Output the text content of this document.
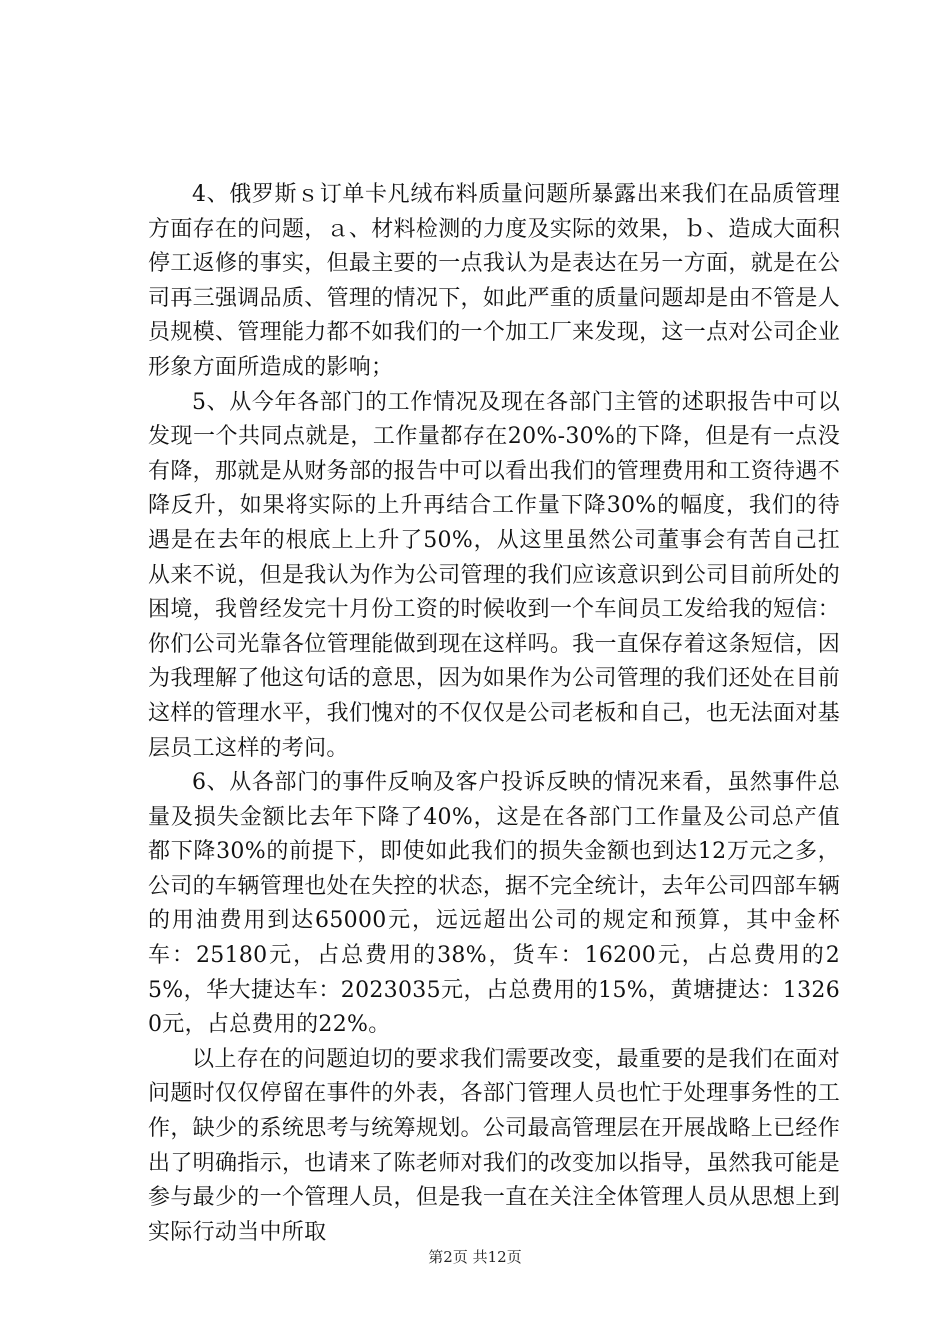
4、俄罗斯ｓ订单卡凡绒布料质量问题所暴露出来我们在品质管理方面存在的问题，ａ、材料检测的力度及实际的效果，ｂ、造成大面积停工返修的事实，但最主要的一点我认为是表达在另一方面，就是在公司再三强调品质、管理的情况下，如此严重的质量问题却是由不管是人员规模、管理能力都不如我们的一个加工厂来发现，这一点对公司企业形象方面所造成的影响；

5、从今年各部门的工作情况及现在各部门主管的述职报告中可以发现一个共同点就是，工作量都存在20%-30%的下降，但是有一点没有降，那就是从财务部的报告中可以看出我们的管理费用和工资待遇不降反升，如果将实际的上升再结合工作量下降30%的幅度，我们的待遇是在去年的根底上上升了50%，从这里虽然公司董事会有苦自己扛从来不说，但是我认为作为公司管理的我们应该意识到公司目前所处的困境，我曾经发完十月份工资的时候收到一个车间员工发给我的短信：你们公司光靠各位管理能做到现在这样吗。我一直保存着这条短信，因为我理解了他这句话的意思，因为如果作为公司管理的我们还处在目前这样的管理水平，我们愧对的不仅仅是公司老板和自己，也无法面对基层员工这样的考问。

6、从各部门的事件反响及客户投诉反映的情况来看，虽然事件总量及损失金额比去年下降了40%，这是在各部门工作量及公司总产值都下降30%的前提下，即使如此我们的损失金额也到达12万元之多，公司的车辆管理也处在失控的状态，据不完全统计，去年公司四部车辆的用油费用到达65000元，远远超出公司的规定和预算，其中金杯车：25180元，占总费用的38%，货车：16200元，占总费用的25%，华大捷达车：2023035元，占总费用的15%，黄塘捷达：13260元，占总费用的22%。

以上存在的问题迫切的要求我们需要改变，最重要的是我们在面对问题时仅仅停留在事件的外表，各部门管理人员也忙于处理事务性的工作，缺少的系统思考与统筹规划。公司最高管理层在开展战略上已经作出了明确指示，也请来了陈老师对我们的改变加以指导，虽然我可能是参与最少的一个管理人员，但是我一直在关注全体管理人员从思想上到实际行动当中所取

第2页 共12页
